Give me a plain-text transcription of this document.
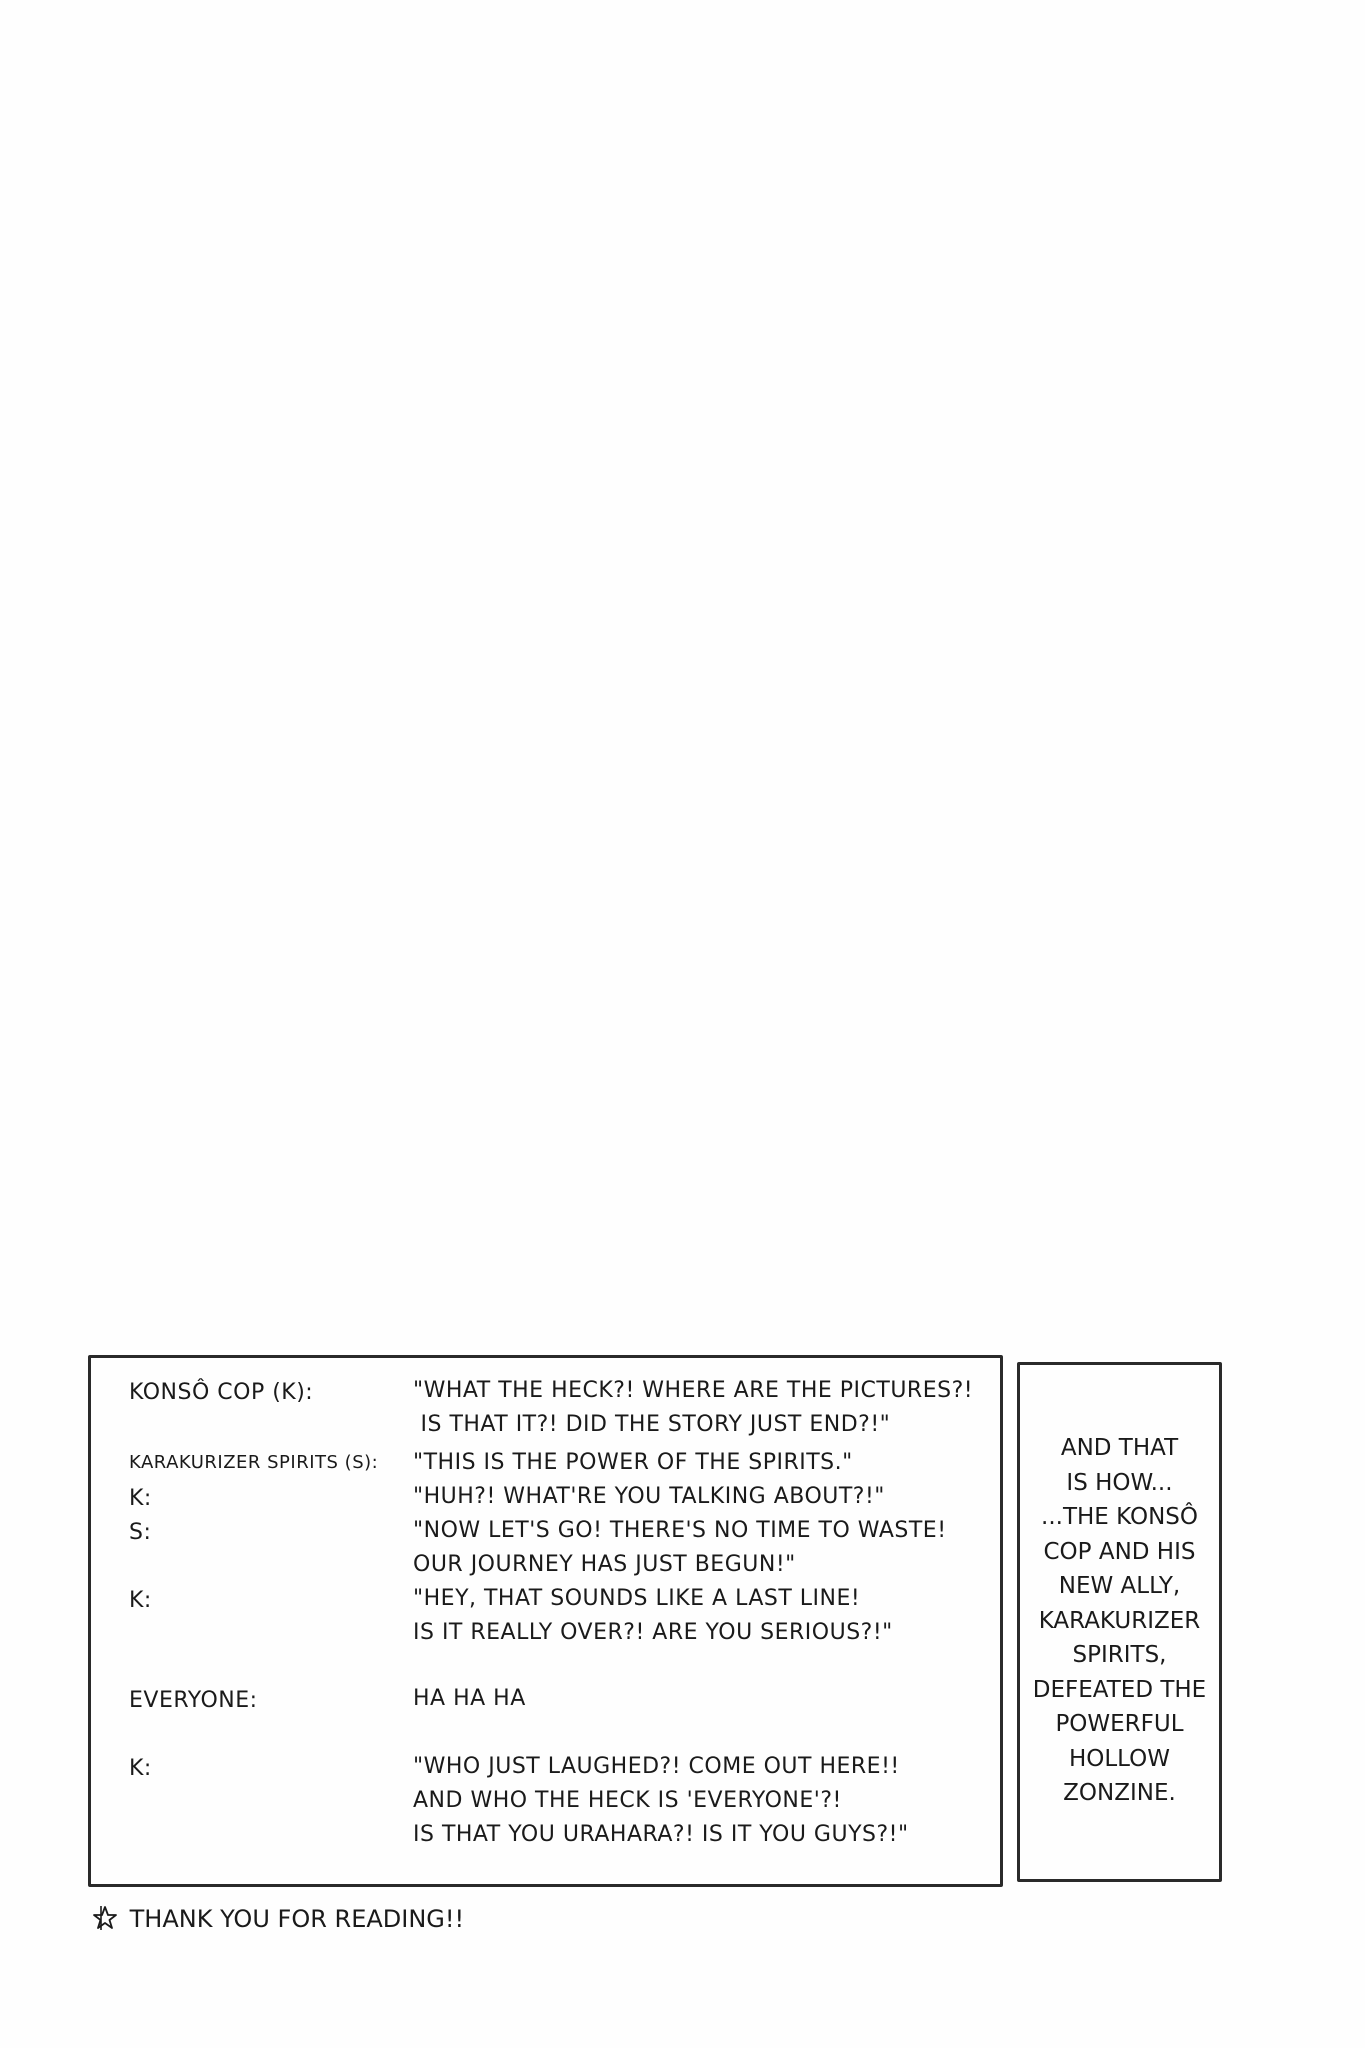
KONSÔ COP (K):	"WHAT THE HECK?! WHERE ARE THE PICTURES?!
IS THAT IT?! DID THE STORY JUST END?!"
KARAKURIZER SPIRITS (S): "THIS IS THE POWER OF THE SPIRITS."
K:	"HUH?! WHAT'RE YOU TALKING ABOUT?!"
S:	"NOW LET'S GO! THERE'S NO TIME TO WASTE!
OUR JOURNEY HAS JUST BEGUN!"
K:	"HEY, THAT SOUNDS LIKE A LAST LINE!
IS IT REALLY OVER?! ARE YOU SERIOUS?!"
EVERYONE:	HA HA HA
K:	"WHO JUST LAUGHED?! COME OUT HERE!!
AND WHO THE HECK IS 'EVERYONE'?!
IS THAT YOU URAHARA?! IS IT YOU GUYS?!"
AND THAT
IS HOW...
...THE KONSÔ
COP AND HIS
NEW ALLY,
KARAKURIZER
SPIRITS,
DEFEATED THE
POWERFUL
HOLLOW
ZONZINE.
THANK YOU FOR READING!!
